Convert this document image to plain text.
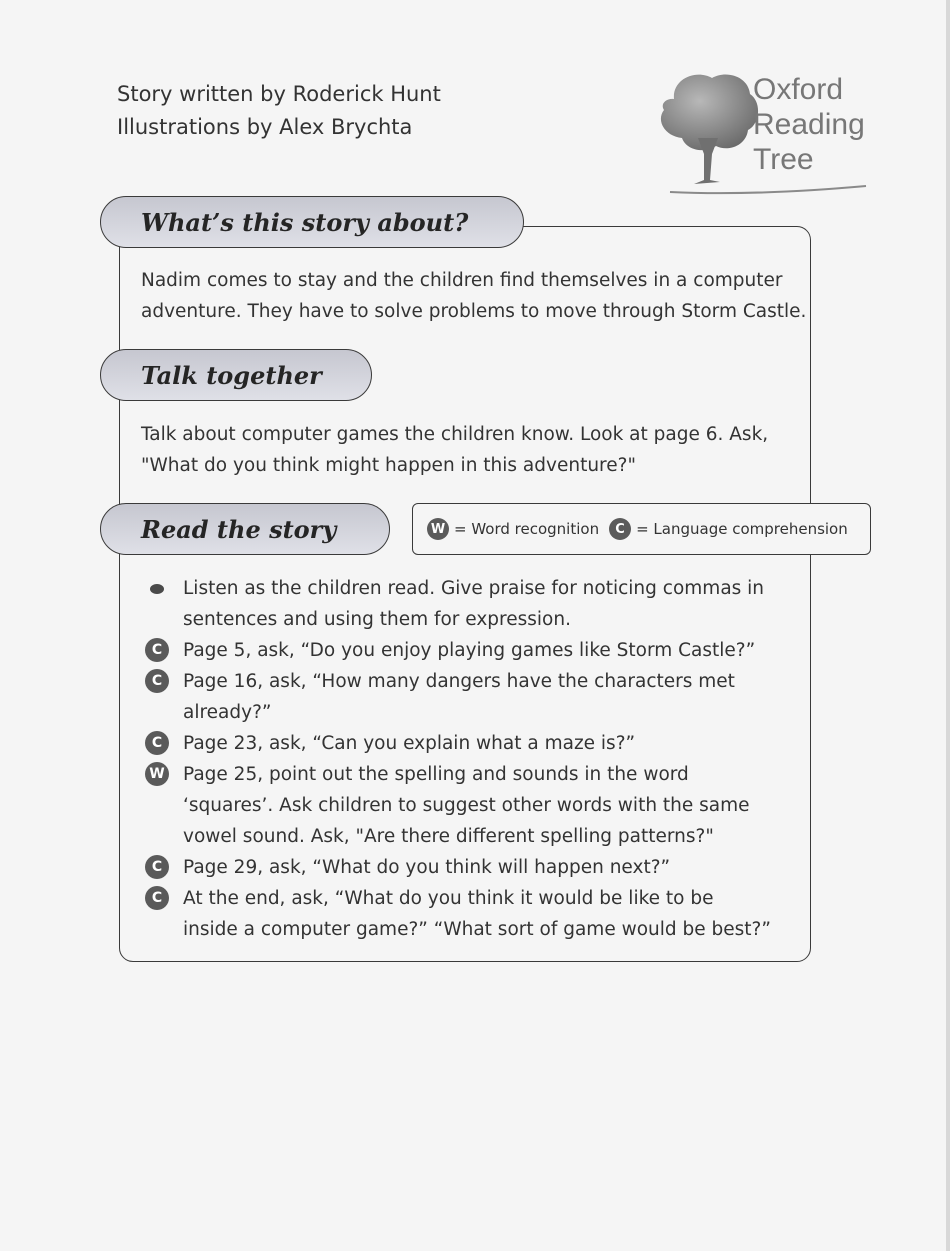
Story written by Roderick Hunt
Illustrations by Alex Brychta
Oxford
Reading
Tree
What’s this story about?
Nadim comes to stay and the children find themselves in a computer
adventure. They have to solve problems to move through Storm Castle.
Talk together
Talk about computer games the children know. Look at page 6. Ask,
"What do you think might happen in this adventure?"
Read the story	W = Word recognition	C = Language comprehension
Listen as the children read. Give praise for noticing commas in
sentences and using them for expression.
C	Page 5, ask, “Do you enjoy playing games like Storm Castle?”
C	Page 16, ask, “How many dangers have the characters met
already?”
C	Page 23, ask, “Can you explain what a maze is?”
W Page 25, point out the spelling and sounds in the word
‘squares’. Ask children to suggest other words with the same
vowel sound. Ask, "Are there different spelling patterns?"
C	Page 29, ask, “What do you think will happen next?”
C	At the end, ask, “What do you think it would be like to be
inside a computer game?” “What sort of game would be best?”
